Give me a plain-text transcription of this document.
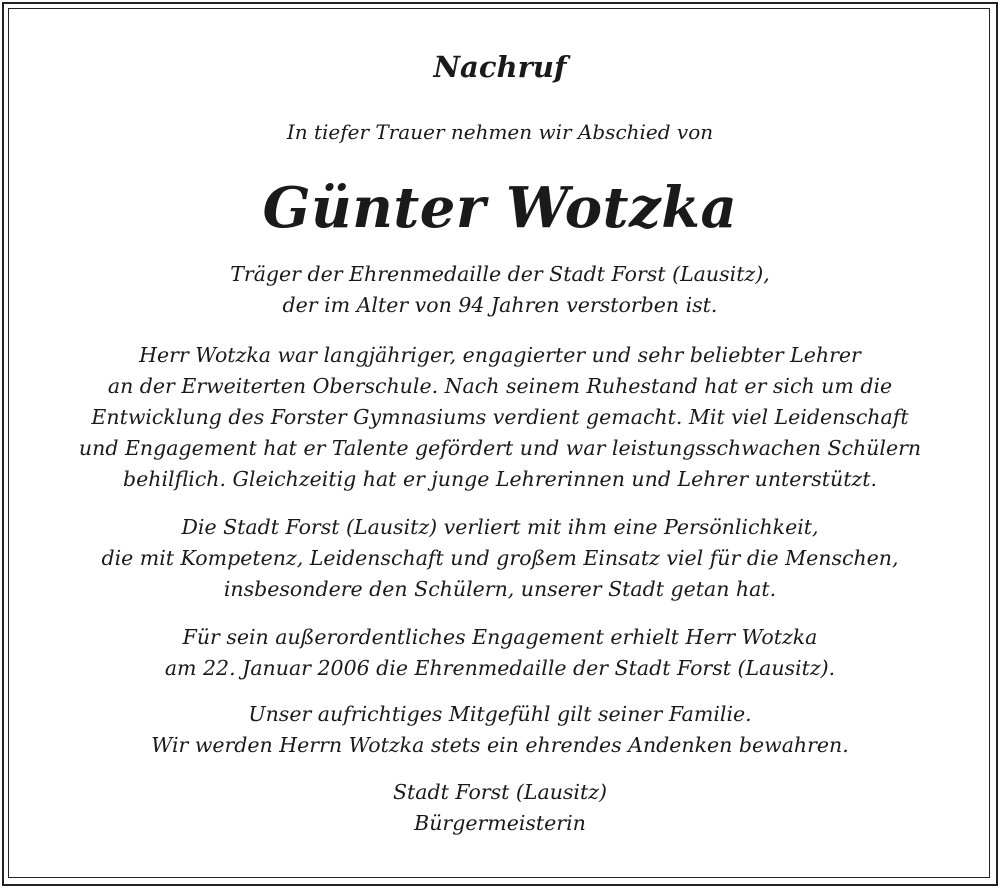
Nachruf
In tiefer Trauer nehmen wir Abschied von
Günter Wotzka
Träger der Ehrenmedaille der Stadt Forst (Lausitz),
der im Alter von 94 Jahren verstorben ist.
Herr Wotzka war langjähriger, engagierter und sehr beliebter Lehrer
an der Erweiterten Oberschule. Nach seinem Ruhestand hat er sich um die
Entwicklung des Forster Gymnasiums verdient gemacht. Mit viel Leidenschaft
und Engagement hat er Talente gefördert und war leistungsschwachen Schülern
behilflich. Gleichzeitig hat er junge Lehrerinnen und Lehrer unterstützt.
Die Stadt Forst (Lausitz) verliert mit ihm eine Persönlichkeit,
die mit Kompetenz, Leidenschaft und großem Einsatz viel für die Menschen,
insbesondere den Schülern, unserer Stadt getan hat.
Für sein außerordentliches Engagement erhielt Herr Wotzka
am 22. Januar 2006 die Ehrenmedaille der Stadt Forst (Lausitz).
Unser aufrichtiges Mitgefühl gilt seiner Familie.
Wir werden Herrn Wotzka stets ein ehrendes Andenken bewahren.
Stadt Forst (Lausitz)
Bürgermeisterin
